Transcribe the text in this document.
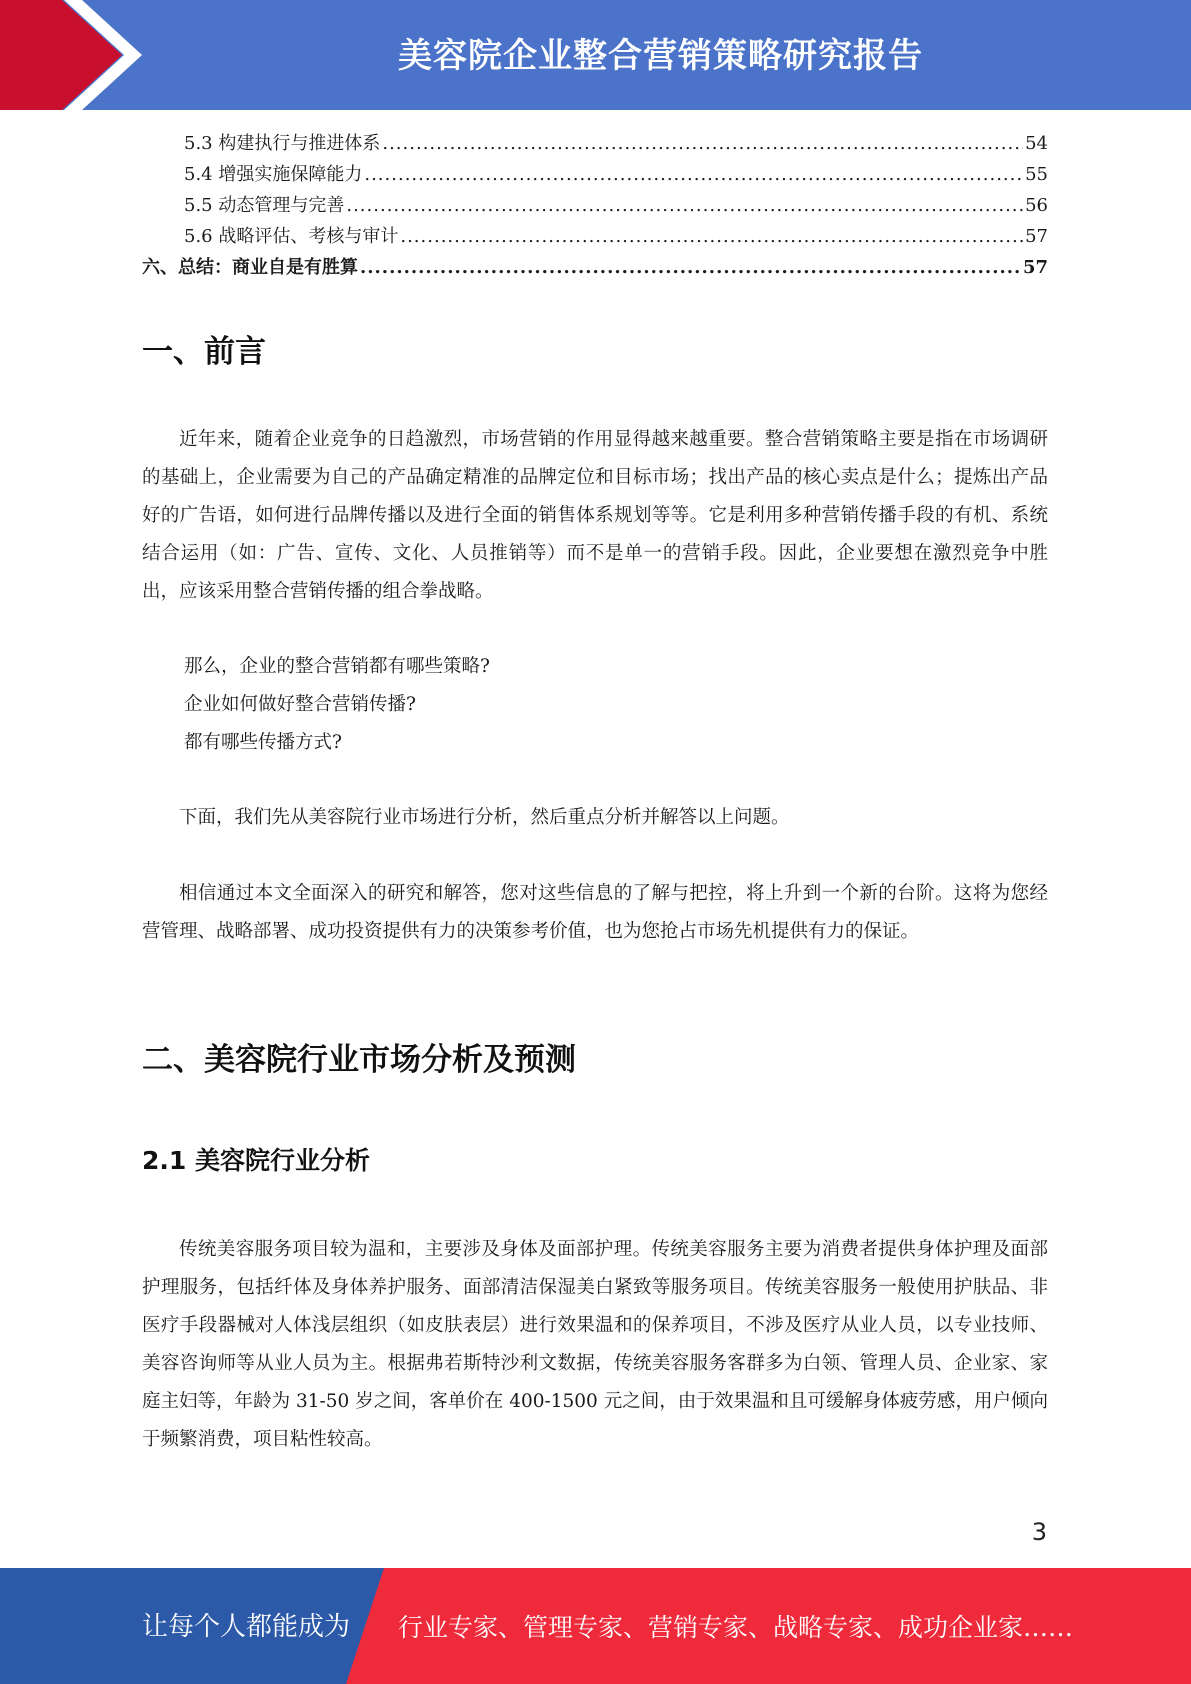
美容院企业整合营销策略研究报告
5.3 构建执行与推进体系 .....	54
5.4 增强实施保障能力 .....	55
5.5 动态管理与完善 .....	56
5.6 战略评估、考核与审计 .....	57
六、总结：商业自是有胜算 .....	57
一、前言
近年来，随着企业竞争的日趋激烈，市场营销的作用显得越来越重要。整合营销策略主要是指在市场调研的基础上，企业需要为自己的产品确定精准的品牌定位和目标市场；找出产品的核心卖点是什么；提炼出产品好的广告语，如何进行品牌传播以及进行全面的销售体系规划等等。它是利用多种营销传播手段的有机、系统结合运用（如：广告、宣传、文化、人员推销等）而不是单一的营销手段。因此，企业要想在激烈竞争中胜出，应该采用整合营销传播的组合拳战略。
那么，企业的整合营销都有哪些策略?
企业如何做好整合营销传播?
都有哪些传播方式?
下面，我们先从美容院行业市场进行分析，然后重点分析并解答以上问题。
相信通过本文全面深入的研究和解答，您对这些信息的了解与把控，将上升到一个新的台阶。这将为您经营管理、战略部署、成功投资提供有力的决策参考价值，也为您抢占市场先机提供有力的保证。
二、美容院行业市场分析及预测
2.1 美容院行业分析
传统美容服务项目较为温和，主要涉及身体及面部护理。传统美容服务主要为消费者提供身体护理及面部护理服务，包括纤体及身体养护服务、面部清洁保湿美白紧致等服务项目。传统美容服务一般使用护肤品、非医疗手段器械对人体浅层组织（如皮肤表层）进行效果温和的保养项目，不涉及医疗从业人员，以专业技师、美容咨询师等从业人员为主。根据弗若斯特沙利文数据，传统美容服务客群多为白领、管理人员、企业家、家庭主妇等，年龄为 31-50 岁之间，客单价在 400-1500 元之间，由于效果温和且可缓解身体疲劳感，用户倾向于频繁消费，项目粘性较高。
3
让每个人都能成为 行业专家、管理专家、营销专家、战略专家、成功企业家……
